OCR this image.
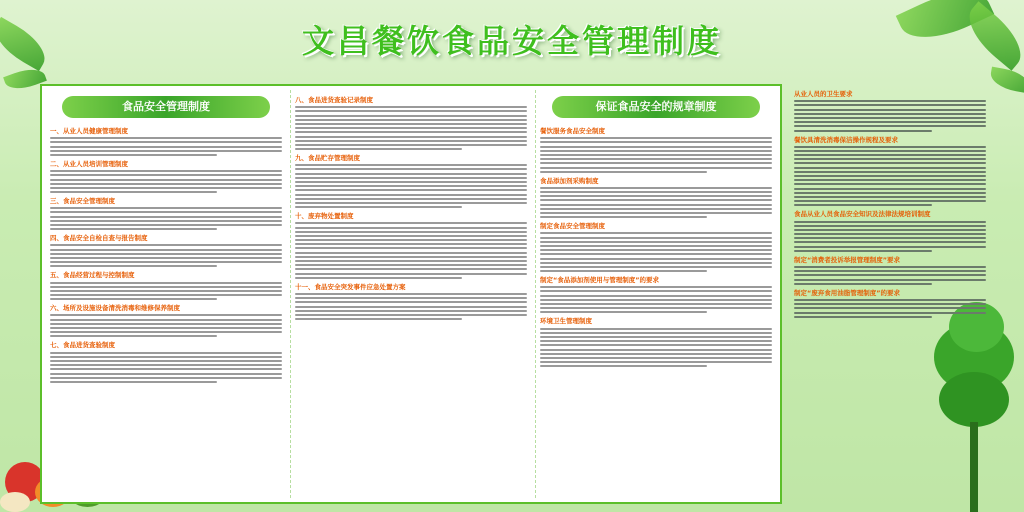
文昌餐饮食品安全管理制度
食品安全管理制度
一、从业人员健康管理制度
二、从业人员培训管理制度
三、食品安全管理制度
四、食品安全自检自查与报告制度
五、食品经营过程与控制制度
六、场所及设施设备清洗消毒和维修保养制度
七、食品进货查验制度
八、食品进货查验记录制度
九、食品贮存管理制度
十、废弃物处置制度
十一、食品安全突发事件应急处置方案
保证食品安全的规章制度
餐饮服务食品安全制度
食品添加剂采购制度
制定食品安全管理制度
制定“食品添加剂使用与管理制度”的要求
环境卫生管理制度
从业人员的卫生要求
餐饮具清洗消毒保洁操作规程及要求
食品从业人员食品安全知识及法律法规培训制度
制定“消费者投诉举报管理制度”要求
制定“废弃食用油脂管理制度”的要求
